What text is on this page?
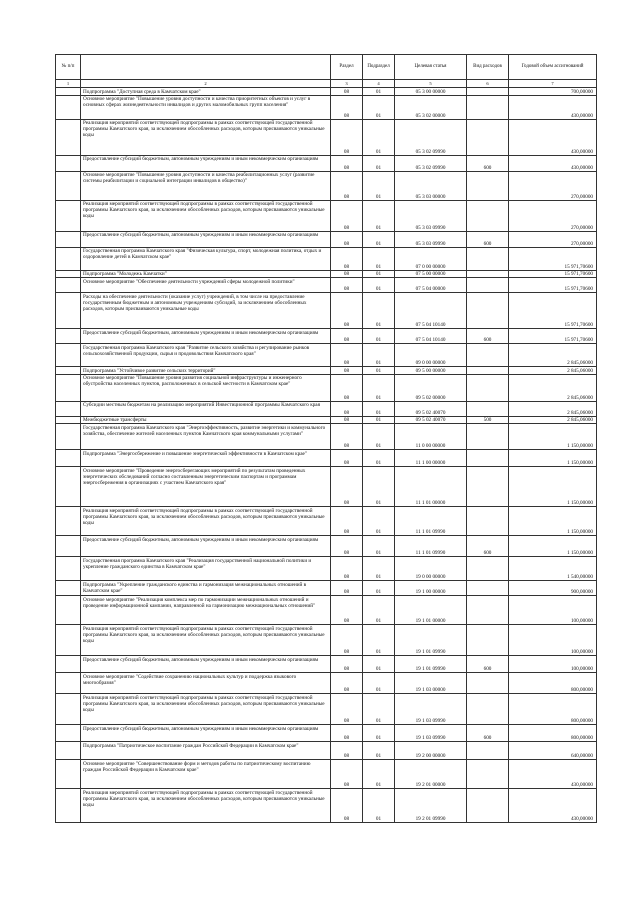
№ п/п		Раздел	Подраздел	Целевая статья	Вид расходов	Годовой объем ассигнований
1	2	3	4	5	6	7
	Подпрограмма "Доступная среда в Камчатском крае"	08	01	05 3 00 00000		700,00000
	Основное мероприятие "Повышение уровня доступности и качества приоритетных объектов и услуг в основных сферах жизнедеятельности инвалидов и других маломобильных групп населения"	08	01	05 3 02 00000		430,00000
	Реализация мероприятий соответствующей подпрограммы в рамках соответствующей государственной программы Камчатского края, за исключением обособленных расходов, которым присваиваются уникальные коды	08	01	05 3 02 09990		430,00000
	Предоставление субсидий бюджетным, автономным учреждениям и иным некоммерческим организациям	08	01	05 3 02 09990	600	430,00000
	Основное мероприятие "Повышение уровня доступности и качества реабилитационных услуг (развитие системы реабилитации и социальной интеграции инвалидов в общество)"	08	01	05 3 03 00000		270,00000
	Реализация мероприятий соответствующей подпрограммы в рамках соответствующей государственной программы Камчатского края, за исключением обособленных расходов, которым присваиваются уникальные коды	08	01	05 3 03 09990		270,00000
	Предоставление субсидий бюджетным, автономным учреждениям и иным некоммерческим организациям	08	01	05 3 03 09990	600	270,00000
	Государственная программа Камчатского края "Физическая культура, спорт, молодежная политика, отдых и оздоровление детей в Камчатском крае"	08	01	07 0 00 00000		15 971,70600
	Подпрограмма "Молодежь Камчатки"	08	01	07 5 00 00000		15 971,70600
	Основное мероприятие "Обеспечение деятельности учреждений сферы молодежной политики"	08	01	07 5 04 00000		15 971,70600
	Расходы на обеспечение деятельности (оказание услуг) учреждений, в том числе на предоставление государственным бюджетным и автономным учреждениям субсидий, за исключением обособленных расходов, которым присваиваются уникальные коды	08	01	07 5 04 10140		15 971,70600
	Предоставление субсидий бюджетным, автономным учреждениям и иным некоммерческим организациям	08	01	07 5 04 10140	600	15 971,70600
	Государственная программа Камчатского края "Развитие сельского хозяйства и регулирование рынков сельскохозяйственной продукции, сырья и продовольствия Камчатского края"	08	01	09 0 00 00000		2 845,06000
	Подпрограмма "Устойчивое развитие сельских территорий"	08	01	09 5 00 00000		2 845,06000
	Основное мероприятие "Повышение уровня развития социальной инфраструктуры и инженерного обустройства населенных пунктов, расположенных в сельской местности в Камчатском крае"	08	01	09 5 02 00000		2 845,06000
	Субсидии местным бюджетам на реализацию мероприятий Инвестиционной программы Камчатского края	08	01	09 5 02 40070		2 845,06000
	Межбюджетные трансферты	08	01	09 5 02 40070	500	2 845,06000
	Государственная программа Камчатского края "Энергоэффективность, развитие энергетики и коммунального хозяйства, обеспечение жителей населенных пунктов Камчатского края коммунальными услугами"	08	01	11 0 00 00000		1 150,00000
	Подпрограмма "Энергосбережение и повышение энергетической эффективности в Камчатском крае"	08	01	11 1 00 00000		1 150,00000
	Основное мероприятие "Проведение энергосберегающих мероприятий по результатам проведенных энергетических обследований согласно составленным энергетическим паспортам и программам энергосбережения в организациях с участием Камчатского края"	08	01	11 1 01 00000		1 150,00000
	Реализация мероприятий соответствующей подпрограммы в рамках соответствующей государственной программы Камчатского края, за исключением обособленных расходов, которым присваиваются уникальные коды	08	01	11 1 01 09990		1 150,00000
	Предоставление субсидий бюджетным, автономным учреждениям и иным некоммерческим организациям	08	01	11 1 01 09990	600	1 150,00000
	Государственная программа Камчатского края "Реализация государственной национальной политики и укрепление гражданского единства в Камчатском крае"	08	01	19 0 00 00000		1 540,00000
	Подпрограмма "Укрепление гражданского единства и гармонизация межнациональных отношений в Камчатском крае"	08	01	19 1 00 00000		900,00000
	Основное мероприятие "Реализация комплекса мер по гармонизации межнациональных отношений и проведение информационной кампании, направленной на гармонизацию межнациональных отношений"	08	01	19 1 01 00000		100,00000
	Реализация мероприятий соответствующей подпрограммы в рамках соответствующей государственной программы Камчатского края, за исключением обособленных расходов, которым присваиваются уникальные коды	08	01	19 1 01 09990		100,00000
	Предоставление субсидий бюджетным, автономным учреждениям и иным некоммерческим организациям	08	01	19 1 01 09990	600	100,00000
	Основное мероприятие "Содействие сохранению национальных культур и поддержка языкового многообразия"	08	01	19 1 03 00000		800,00000
	Реализация мероприятий соответствующей подпрограммы в рамках соответствующей государственной программы Камчатского края, за исключением обособленных расходов, которым присваиваются уникальные коды	08	01	19 1 03 09990		800,00000
	Предоставление субсидий бюджетным, автономным учреждениям и иным некоммерческим организациям	08	01	19 1 03 09990	600	800,00000
	Подпрограмма "Патриотическое воспитание граждан Российской Федерации в Камчатском крае"	08	01	19 2 00 00000		640,00000
	Основное мероприятие "Совершенствование форм и методов работы по патриотическому воспитанию граждан Российской Федерации в Камчатском крае"	08	01	19 2 01 00000		430,00000
	Реализация мероприятий соответствующей подпрограммы в рамках соответствующей государственной программы Камчатского края, за исключением обособленных расходов, которым присваиваются уникальные коды	08	01	19 2 01 09990		430,00000
